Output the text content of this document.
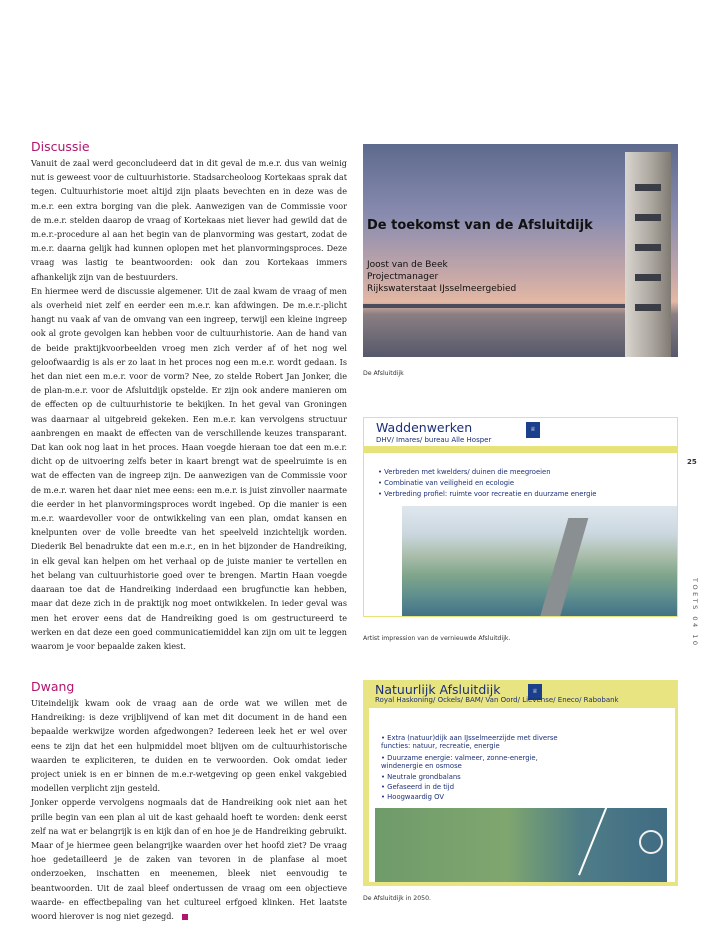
Discussie

Vanuit de zaal werd geconcludeerd dat in dit geval de m.e.r. dus van weinig nut is geweest voor de cultuurhistorie. Stadsarcheoloog Kortekaas sprak dat tegen. Cultuurhistorie moet altijd zijn plaats bevechten en in deze was de m.e.r. een extra borging van die plek. Aanwezigen van de Commissie voor de m.e.r. stelden daarop de vraag of Kortekaas niet liever had gewild dat de m.e.r.-procedure al aan het begin van de planvorming was gestart, zodat de m.e.r. daarna gelijk had kunnen oplopen met het planvormingsproces. Deze vraag was lastig te beantwoorden: ook dan zou Kortekaas immers afhankelijk zijn van de bestuurders.

En hiermee werd de discussie algemener. Uit de zaal kwam de vraag of men als overheid niet zelf en eerder een m.e.r. kan afdwingen. De m.e.r.-plicht hangt nu vaak af van de omvang van een ingreep, terwijl een kleine ingreep ook al grote gevolgen kan hebben voor de cultuurhistorie. Aan de hand van de beide praktijkvoorbeelden vroeg men zich verder af of het nog wel geloofwaardig is als er zo laat in het proces nog een m.e.r. wordt gedaan. Is het dan niet een m.e.r. voor de vorm? Nee, zo stelde Robert Jan Jonker, die de plan-m.e.r. voor de Afsluitdijk opstelde. Er zijn ook andere manieren om de effecten op de cultuurhistorie te bekijken. In het geval van Groningen was daarnaar al uitgebreid gekeken. Een m.e.r. kan vervolgens structuur aanbrengen en maakt de effecten van de verschillende keuzes transparant. Dat kan ook nog laat in het proces. Haan voegde hieraan toe dat een m.e.r. dicht op de uitvoering zelfs beter in kaart brengt wat de speelruimte is en wat de effecten van de ingreep zijn. De aanwezigen van de Commissie voor de m.e.r. waren het daar niet mee eens: een m.e.r. is juist zinvoller naarmate die eerder in het planvormingsproces wordt ingebed. Op die manier is een m.e.r. waardevoller voor de ontwikkeling van een plan, omdat kansen en knelpunten over de volle breedte van het speelveld inzichtelijk worden. Diederik Bel benadrukte dat een m.e.r., en in het bijzonder de Handreiking, in elk geval kan helpen om het verhaal op de juiste manier te vertellen en het belang van cultuurhistorie goed over te brengen. Martin Haan voegde daaraan toe dat de Handreiking inderdaad een brugfunctie kan hebben, maar dat deze zich in de praktijk nog moet ontwikkelen. In ieder geval was men het erover eens dat de Handreiking goed is om gestructureerd te werken en dat deze een goed communicatiemiddel kan zijn om uit te leggen waarom je voor bepaalde zaken kiest.

Dwang

Uiteindelijk kwam ook de vraag aan de orde wat we willen met de Handreiking: is deze vrijblijvend of kan met dit document in de hand een bepaalde werkwijze worden afgedwongen? Iedereen leek het er wel over eens te zijn dat het een hulpmiddel moet blijven om de cultuurhistorische waarden te expliciteren, te duiden en te verwoorden. Ook omdat ieder project uniek is en er binnen de m.e.r-wetgeving op geen enkel vakgebied modellen verplicht zijn gesteld.

Jonker opperde vervolgens nogmaals dat de Handreiking ook niet aan het prille begin van een plan al uit de kast gehaald hoeft te worden: denk eerst zelf na wat er belangrijk is en kijk dan of en hoe je de Handreiking gebruikt. Maar of je hiermee geen belangrijke waarden over het hoofd ziet? De vraag hoe gedetailleerd je de zaken van tevoren in de planfase al moet onderzoeken, inschatten en meenemen, bleek niet eenvoudig te beantwoorden. Uit de zaal bleef ondertussen de vraag om een objectieve waarde- en effectbepaling van het cultureel erfgoed klinken. Het laatste woord hierover is nog niet gezegd.

De toekomst van de Afsluitdijk
Joost van de Beek
Projectmanager
Rijkswaterstaat IJsselmeergebied
De Afsluitdijk
Waddenwerken
DHV/ Imares/ bureau Alle Hosper
♕
• Verbreden met kwelders/ duinen die meegroeien
• Combinatie van veiligheid en ecologie
• Verbreding profiel: ruimte voor recreatie en duurzame energie
Artist impression van de vernieuwde Afsluitdijk.
Natuurlijk Afsluitdijk	♕
Royal Haskoning/ Ockels/ BAM/ Van Oord/ Lievense/ Eneco/ Rabobank
• Extra (natuur)dijk aan IJsselmeerzijde met diverse functies: natuur, recreatie, energie
• Duurzame energie: valmeer, zonne-energie, windenergie en osmose
• Neutrale grondbalans
• Gefaseerd in de tijd
• Hoogwaardig OV
De Afsluitdijk in 2050.
25
TOETS 04 10
